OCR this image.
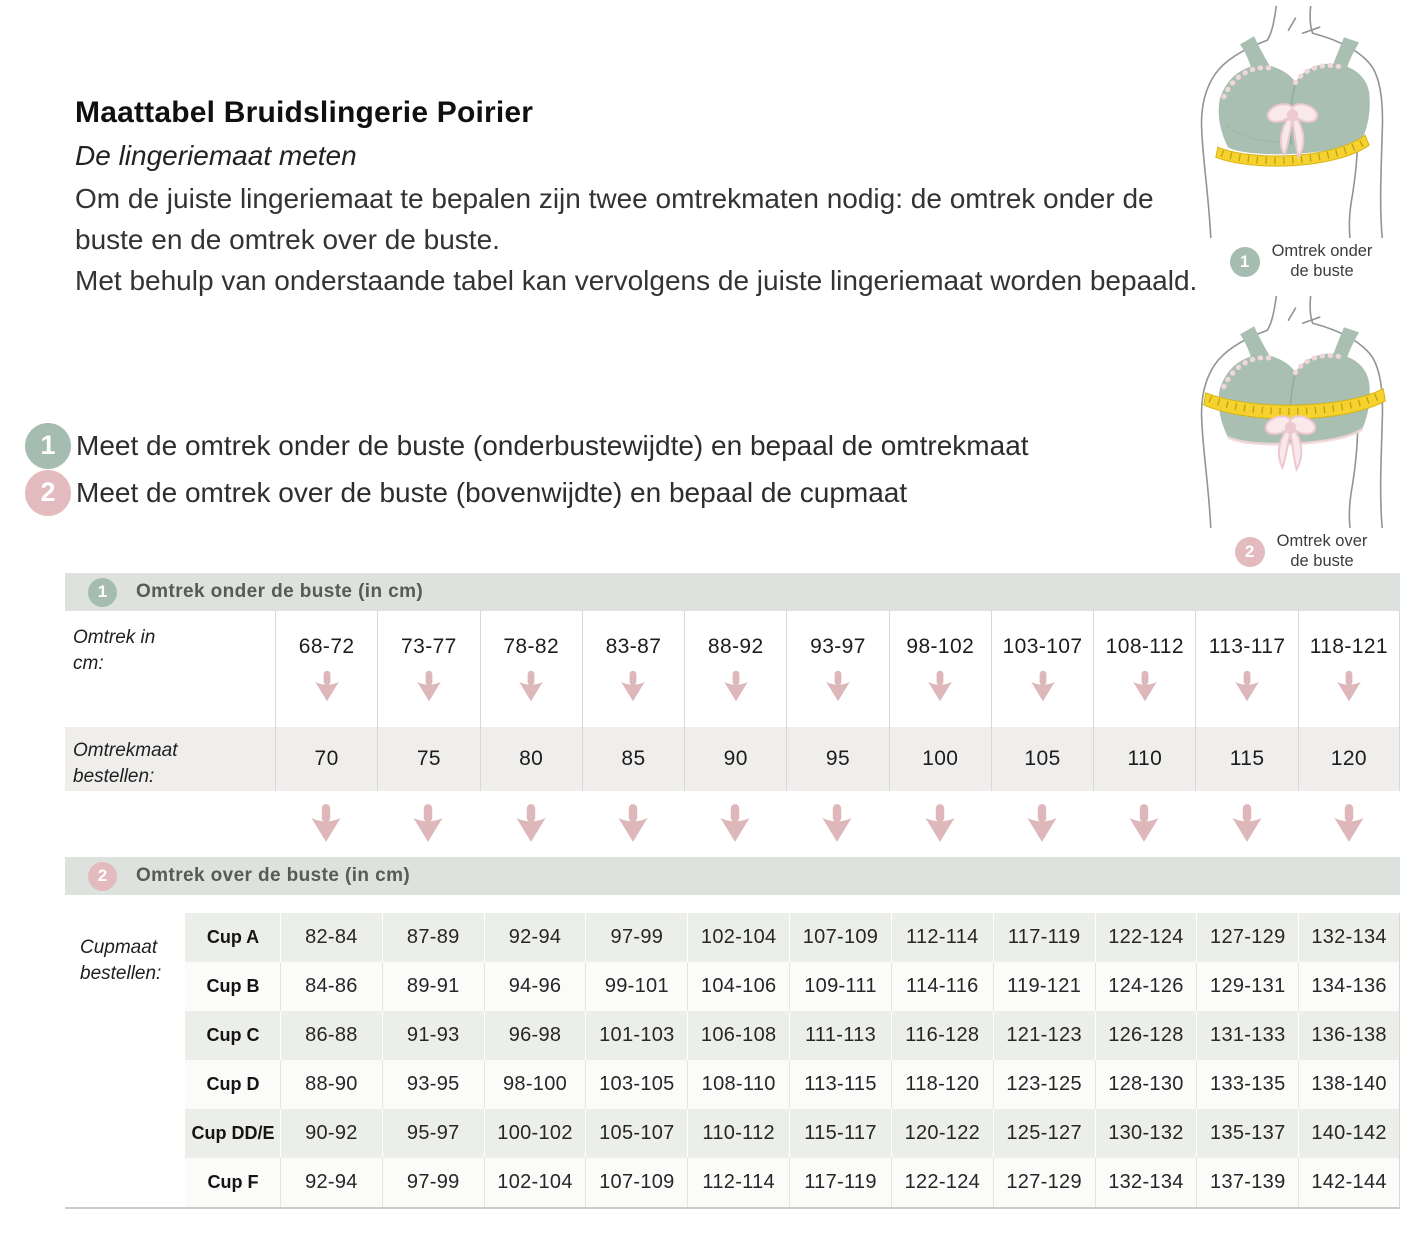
Maattabel Bruidslingerie Poirier
De lingeriemaat meten

Om de juiste lingeriemaat te bepalen zijn twee omtrekmaten nodig: de omtrek onder de buste en de omtrek over de buste.

Met behulp van onderstaande tabel kan vervolgens de juiste lingeriemaat worden bepaald.

1 Meet de omtrek onder de buste (onderbustewijdte) en bepaal de omtrekmaat
2 Meet de omtrek over de buste (bovenwijdte) en bepaal de cupmaat
1
Omtrek onder
de buste
2
Omtrek over
de buste
1	Omtrek onder de buste (in cm)
Omtrek in
cm:
68-72 73-77 78-82 83-87 88-92 93-97 98-102 103-107 108-112 113-117 118-121
Omtrekmaat
bestellen:
70	75	80	85	90	95	100	105	110	115	120
2	Omtrek over de buste (in cm)
Cupmaat
bestellen:
Cup A 82-84 87-89 92-94 97-99 102-104 107-109 112-114 117-119 122-124 127-129 132-134
Cup B 84-86 89-91 94-96 99-101 104-106 109-111 114-116 119-121 124-126 129-131 134-136
Cup C 86-88 91-93 96-98 101-103 106-108 111-113 116-128 121-123 126-128 131-133 136-138
Cup D 88-90 93-95 98-100 103-105 108-110 113-115 118-120 123-125 128-130 133-135 138-140
Cup DD/E 90-92 95-97 100-102 105-107 110-112 115-117 120-122 125-127 130-132 135-137 140-142
Cup F 92-94 97-99 102-104 107-109 112-114 117-119 122-124 127-129 132-134 137-139 142-144
